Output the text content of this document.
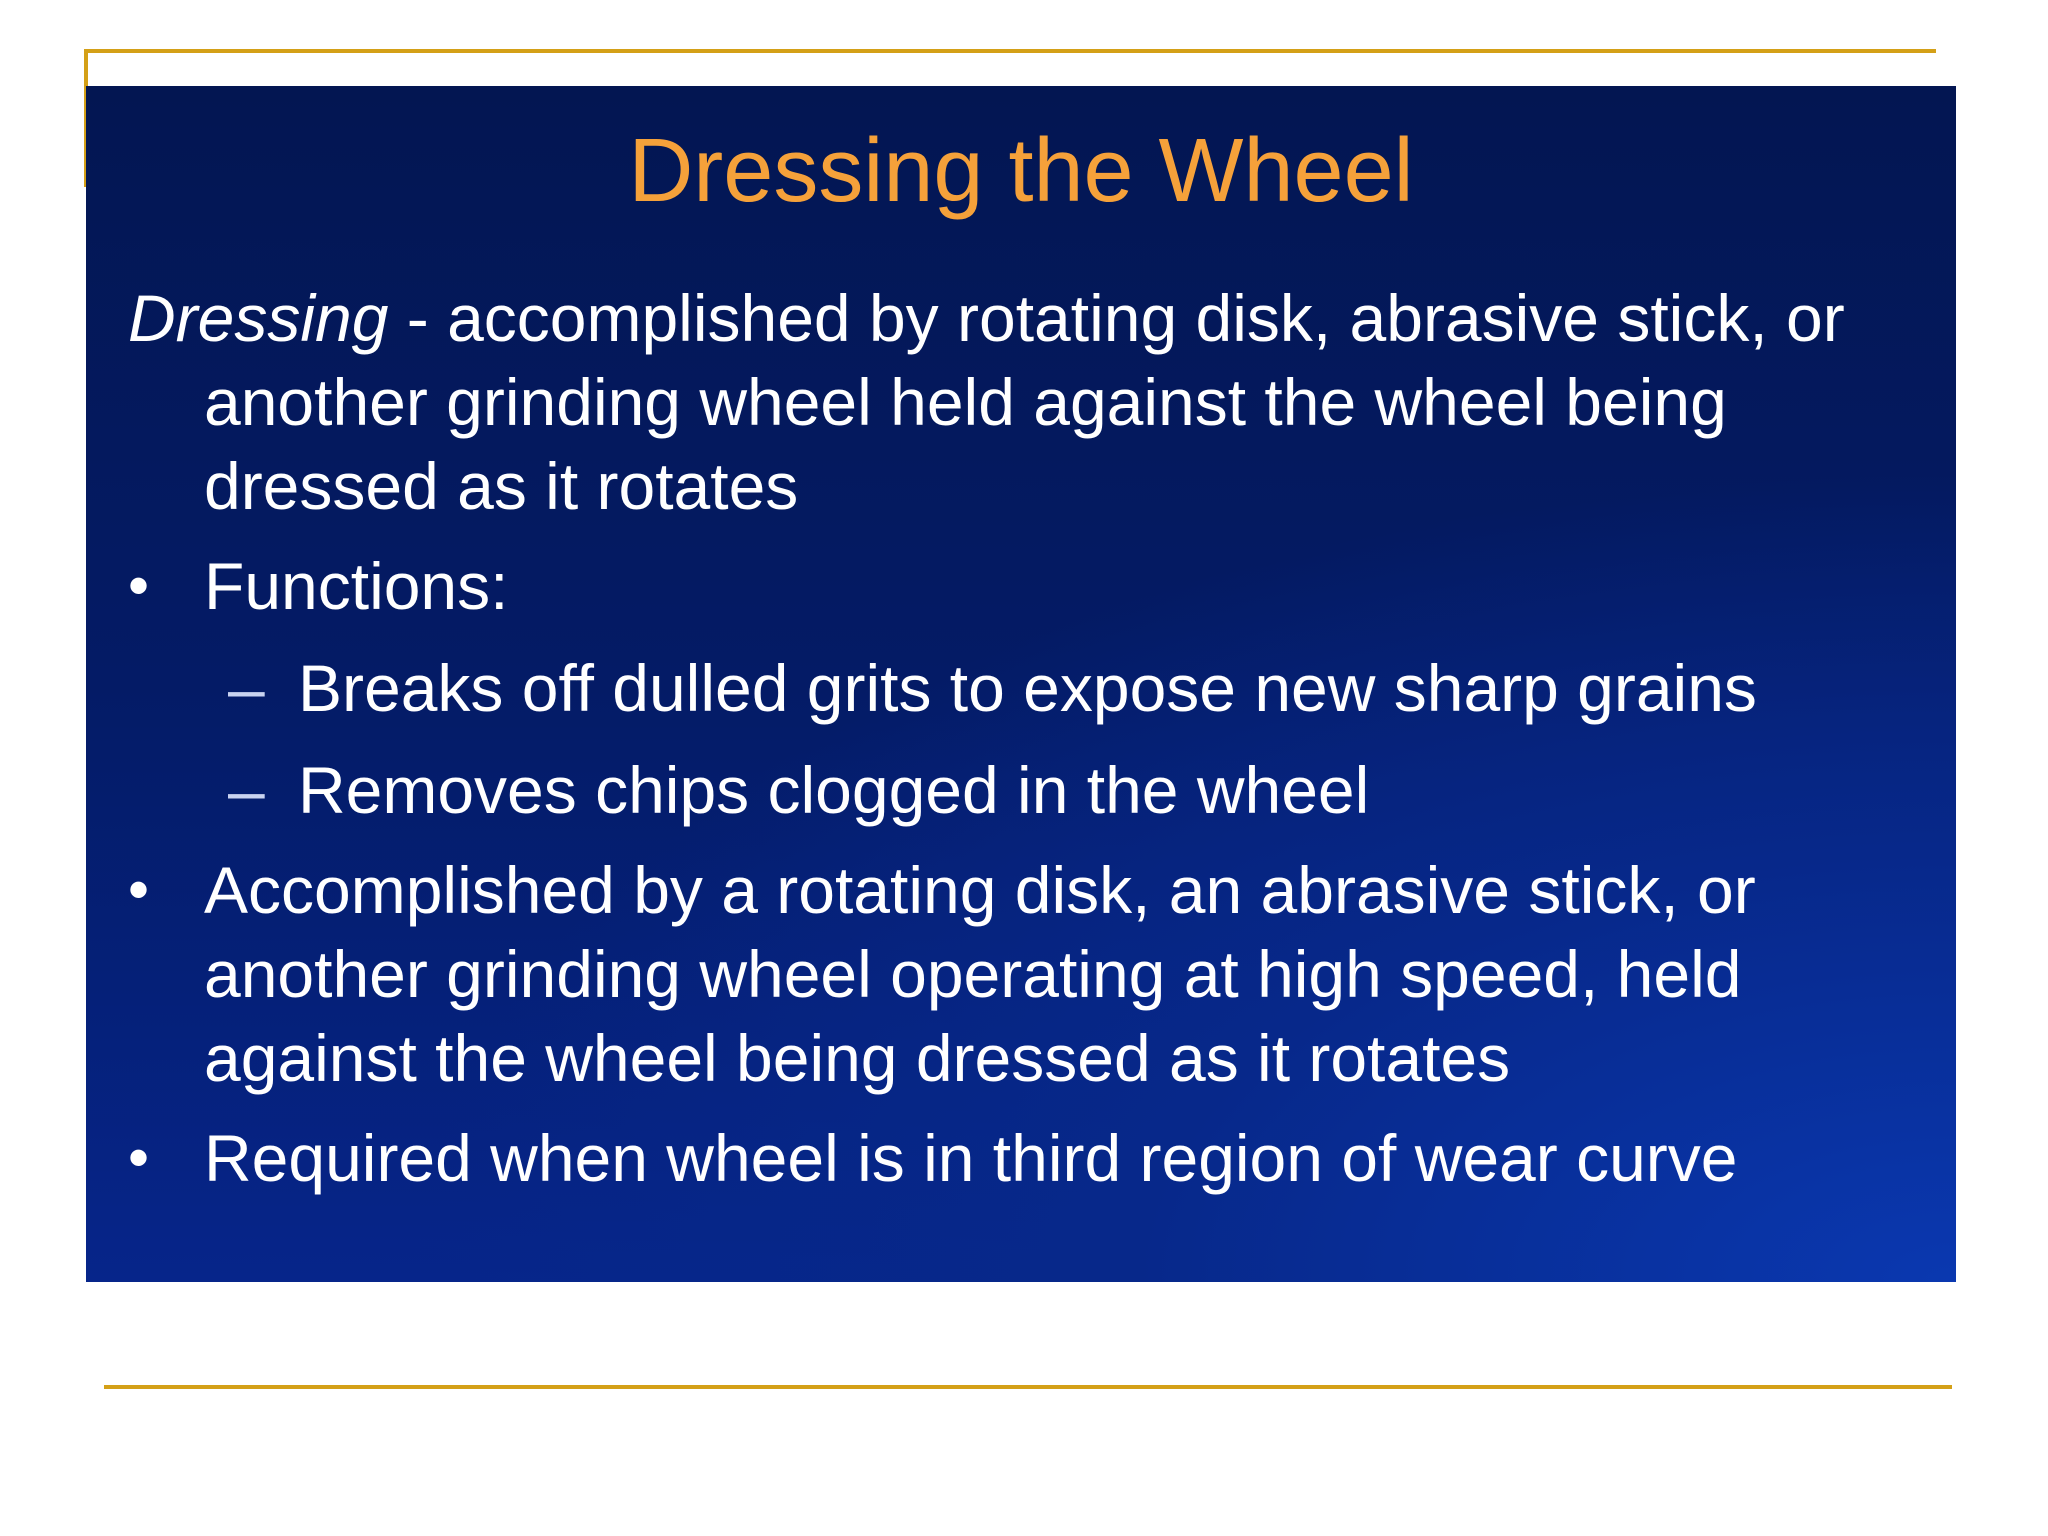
Dressing the Wheel
Dressing - accomplished by rotating disk, abrasive stick, or another grinding wheel held against the wheel being dressed as it rotates
• Functions:
– Breaks off dulled grits to expose new sharp grains
– Removes chips clogged in the wheel
• Accomplished by a rotating disk, an abrasive stick, or another grinding wheel operating at high speed, held against the wheel being dressed as it rotates
• Required when wheel is in third region of wear curve
